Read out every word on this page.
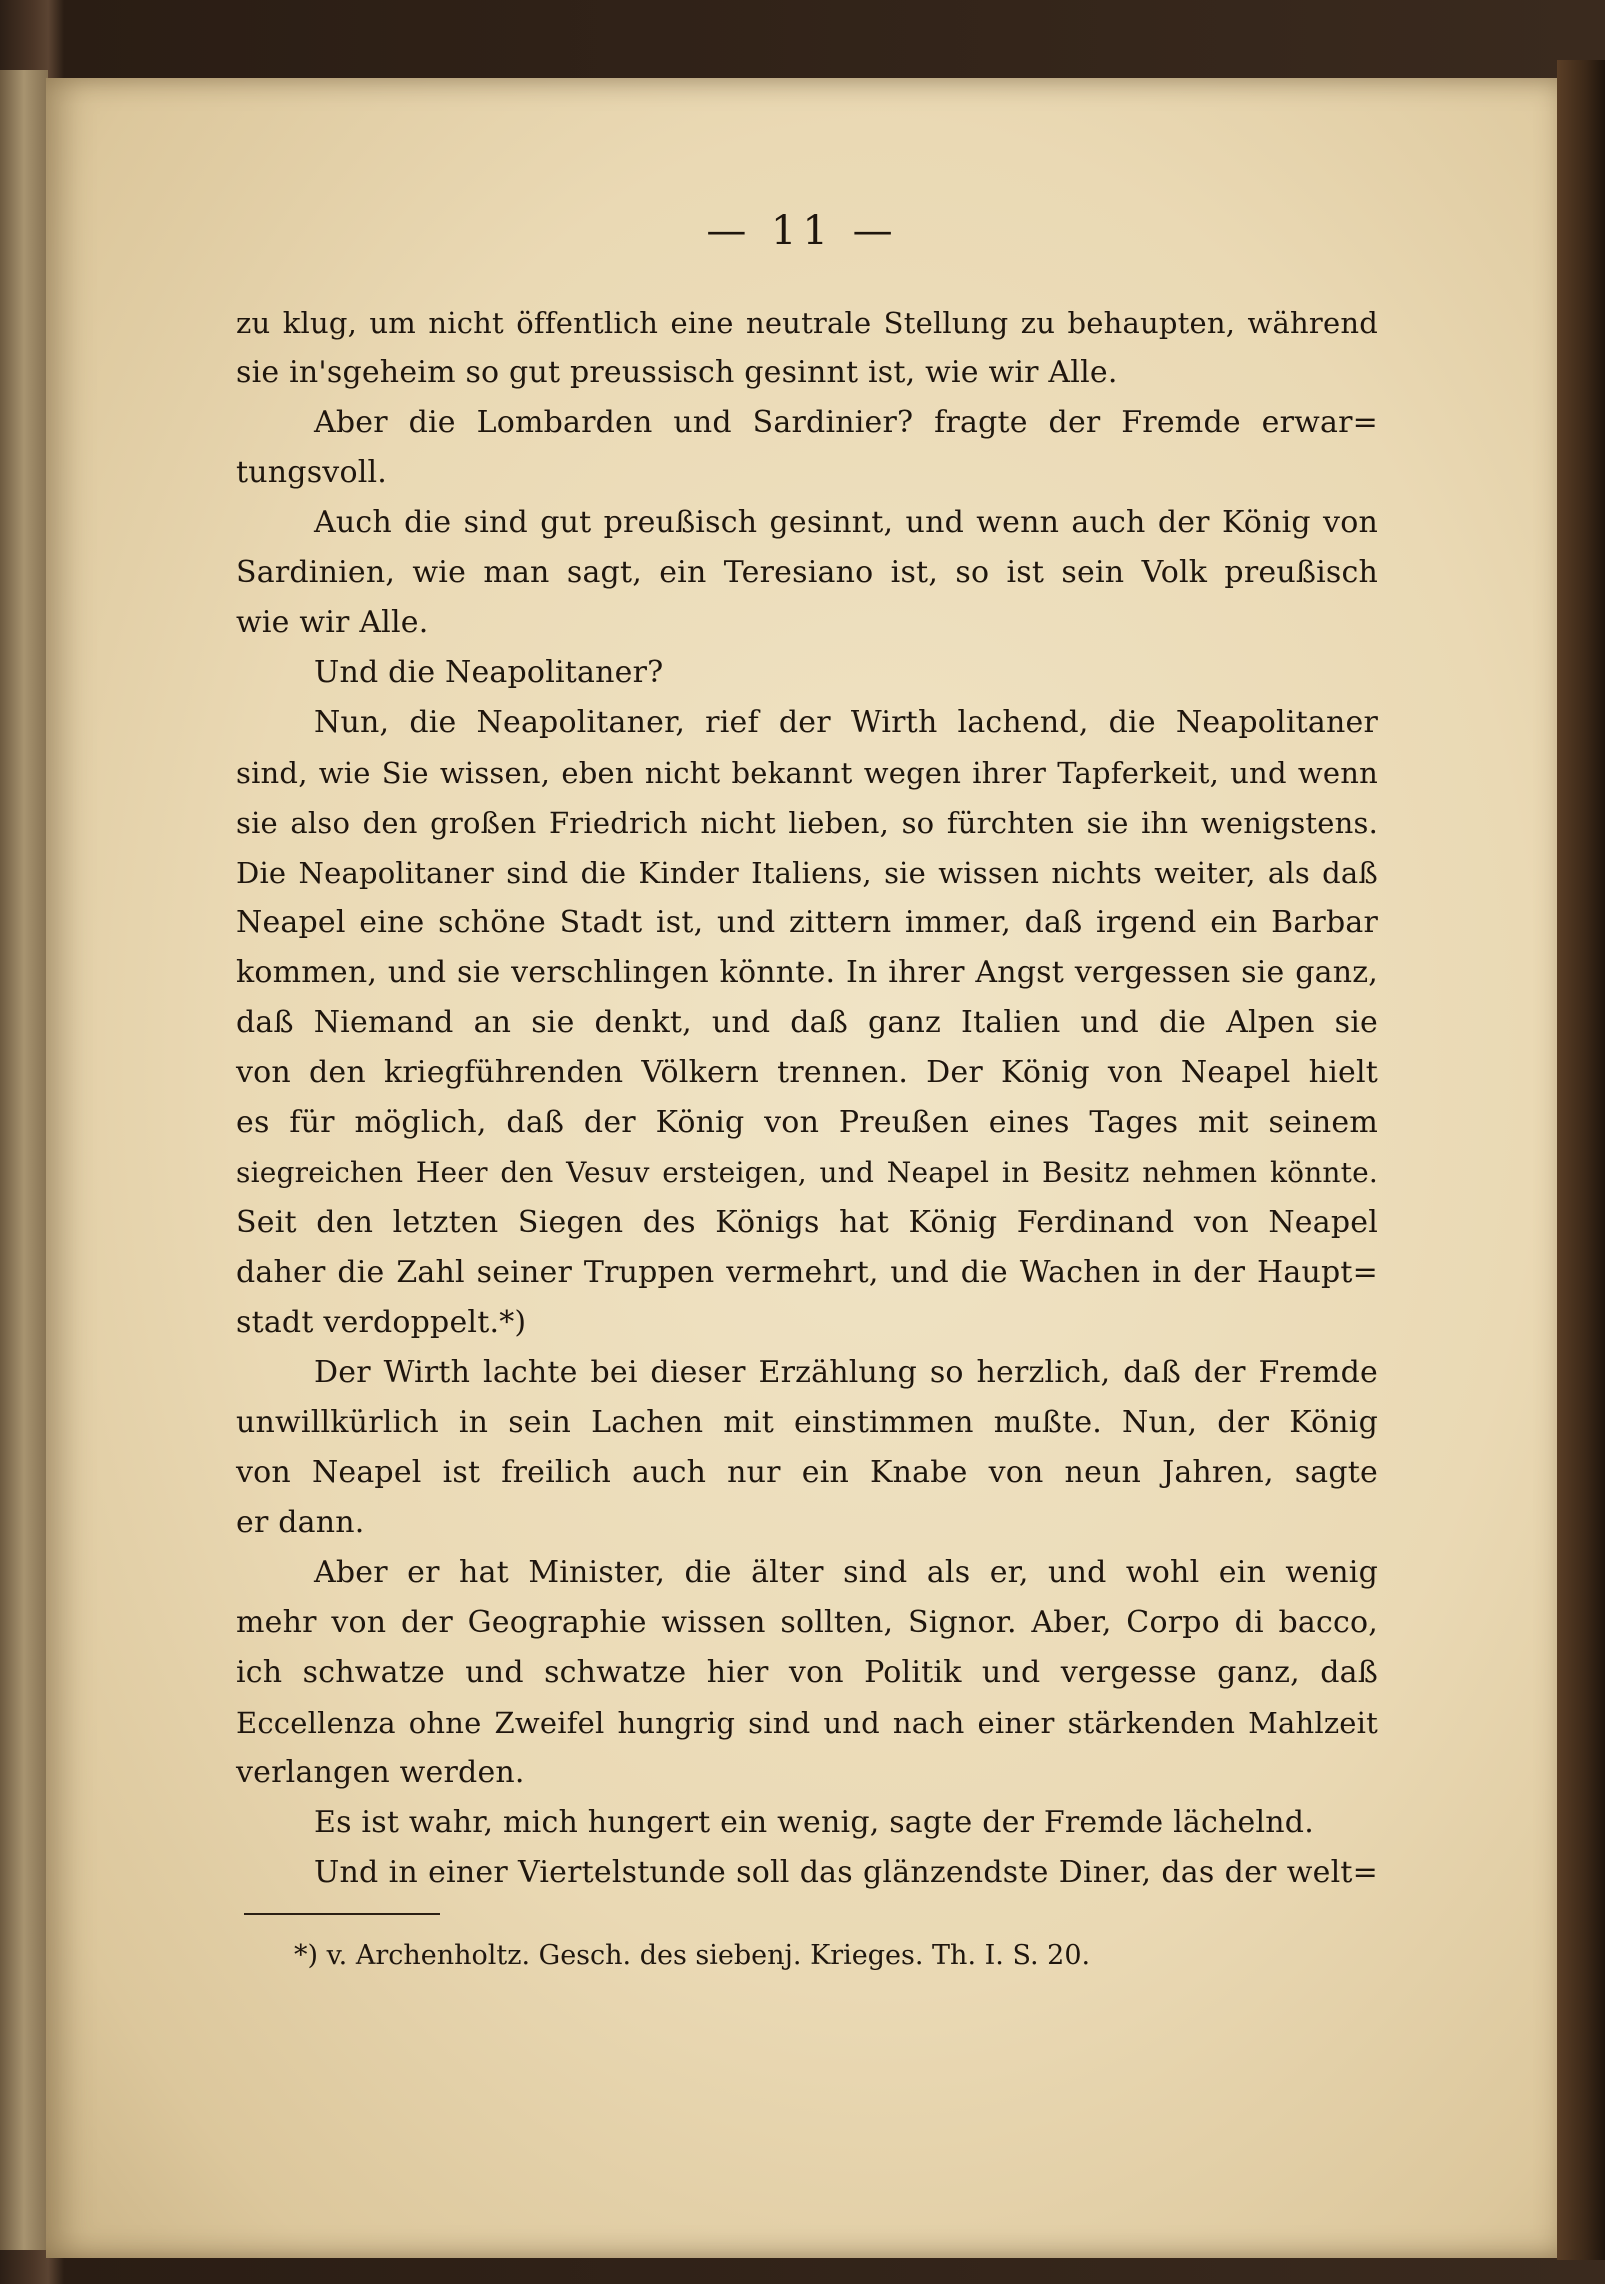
— 11 —
zu klug, um nicht öffentlich eine neutrale Stellung zu behaupten, während
sie in'sgeheim so gut preussisch gesinnt ist, wie wir Alle.
Aber die Lombarden und Sardinier? fragte der Fremde erwar=
tungsvoll.
Auch die sind gut preußisch gesinnt, und wenn auch der König von
Sardinien, wie man sagt, ein Teresiano ist, so ist sein Volk preußisch
wie wir Alle.
Und die Neapolitaner?
Nun, die Neapolitaner, rief der Wirth lachend, die Neapolitaner
sind, wie Sie wissen, eben nicht bekannt wegen ihrer Tapferkeit, und wenn
sie also den großen Friedrich nicht lieben, so fürchten sie ihn wenigstens.
Die Neapolitaner sind die Kinder Italiens, sie wissen nichts weiter, als daß
Neapel eine schöne Stadt ist, und zittern immer, daß irgend ein Barbar
kommen, und sie verschlingen könnte. In ihrer Angst vergessen sie ganz,
daß Niemand an sie denkt, und daß ganz Italien und die Alpen sie
von den kriegführenden Völkern trennen. Der König von Neapel hielt
es für möglich, daß der König von Preußen eines Tages mit seinem
siegreichen Heer den Vesuv ersteigen, und Neapel in Besitz nehmen könnte.
Seit den letzten Siegen des Königs hat König Ferdinand von Neapel
daher die Zahl seiner Truppen vermehrt, und die Wachen in der Haupt=
stadt verdoppelt.*)
Der Wirth lachte bei dieser Erzählung so herzlich, daß der Fremde
unwillkürlich in sein Lachen mit einstimmen mußte. Nun, der König
von Neapel ist freilich auch nur ein Knabe von neun Jahren, sagte
er dann.
Aber er hat Minister, die älter sind als er, und wohl ein wenig
mehr von der Geographie wissen sollten, Signor. Aber, Corpo di bacco,
ich schwatze und schwatze hier von Politik und vergesse ganz, daß
Eccellenza ohne Zweifel hungrig sind und nach einer stärkenden Mahlzeit
verlangen werden.
Es ist wahr, mich hungert ein wenig, sagte der Fremde lächelnd.
Und in einer Viertelstunde soll das glänzendste Diner, das der welt=
*) v. Archenholtz. Gesch. des siebenj. Krieges. Th. I. S. 20.
